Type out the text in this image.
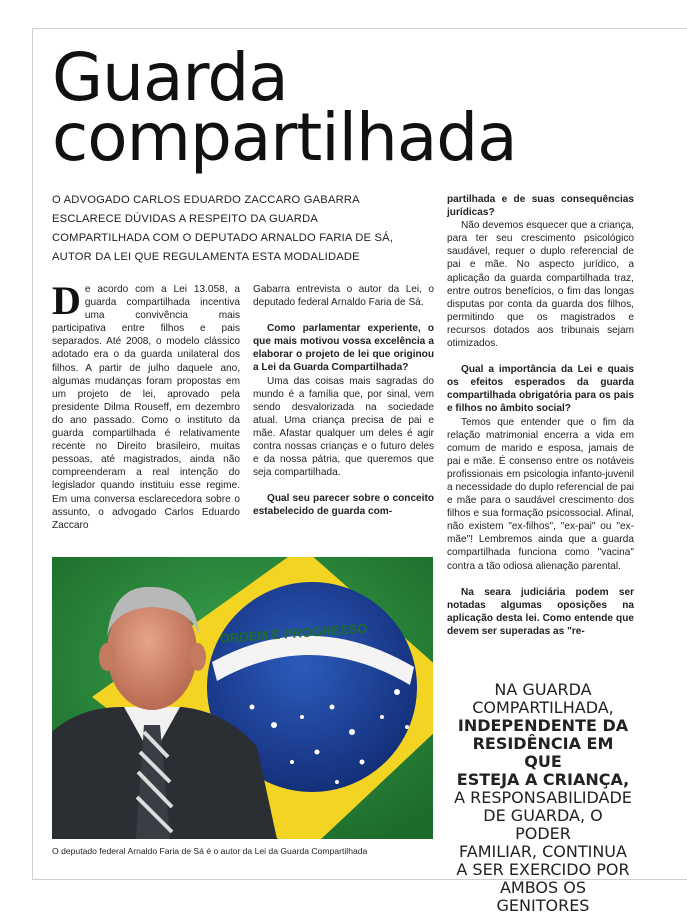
Guarda
compartilhada
O ADVOGADO CARLOS EDUARDO ZACCARO GABARRA
ESCLARECE DÚVIDAS A RESPEITO DA GUARDA
COMPARTILHADA COM O DEPUTADO ARNALDO FARIA DE SÁ,
AUTOR DA LEI QUE REGULAMENTA ESTA MODALIDADE

De acordo com a Lei 13.058, a guarda compartilhada incentiva uma convivência mais participativa entre filhos e pais separados. Até 2008, o modelo clássico adotado era o da guarda unilateral dos filhos. A partir de julho daquele ano, algumas mudanças foram propostas em um projeto de lei, aprovado pela presidente Dilma Rouseff, em dezembro do ano passado. Como o instituto da guarda compartilhada é relativamente recente no Direito brasileiro, muitas pessoas, até magistrados, ainda não compreenderam a real intenção do legislador quando instituiu esse regime. Em uma conversa esclarecedora sobre o assunto, o advogado Carlos Eduardo Zaccaro

Gabarra entrevista o autor da Lei, o deputado federal Arnaldo Faria de Sá.

Como parlamentar experiente, o que mais motivou vossa excelência a elaborar o projeto de lei que originou a Lei da Guarda Compartilhada?

Uma das coisas mais sagradas do mundo é a família que, por sinal, vem sendo desvalorizada na sociedade atual. Uma criança precisa de pai e mãe. Afastar qualquer um deles é agir contra nossas crianças e o futuro deles e da nossa pátria, que queremos que seja compartilhada.

Qual seu parecer sobre o conceito estabelecido de guarda com-

partilhada e de suas consequências jurídicas?

Não devemos esquecer que a criança, para ter seu crescimento psicológico saudável, requer o duplo referencial de pai e mãe. No aspecto jurídico, a aplicação da guarda compartilhada traz, entre outros benefícios, o fim das longas disputas por conta da guarda dos filhos, permitindo que os magistrados e recursos dotados aos tribunais sejam otimizados.

Qual a importância da Lei e quais os efeitos esperados da guarda compartilhada obrigatória para os pais e filhos no âmbito social?

Temos que entender que o fim da relação matrimonial encerra a vida em comum de marido e esposa, jamais de pai e mãe. É consenso entre os notáveis profissionais em psicologia infanto-juvenil a necessidade do duplo referencial de pai e mãe para o saudável crescimento dos filhos e sua formação psicossocial. Afinal, não existem "ex-filhos", "ex-pai" ou "ex-mãe"! Lembremos ainda que a guarda compartilhada funciona como "vacina" contra a tão odiosa alienação parental.

Na seara judiciária podem ser notadas algumas oposições na aplicação desta lei. Como entende que devem ser superadas as "re-

ORDEM E PROGRESSO
O deputado federal Arnaldo Faria de Sá é o autor da Lei da Guarda Compartilhada
NA GUARDA
COMPARTILHADA,
INDEPENDENTE DA
RESIDÊNCIA EM QUE
ESTEJA A CRIANÇA,
A RESPONSABILIDADE
DE GUARDA, O PODER
FAMILIAR, CONTINUA
A SER EXERCIDO POR
AMBOS OS GENITORES
